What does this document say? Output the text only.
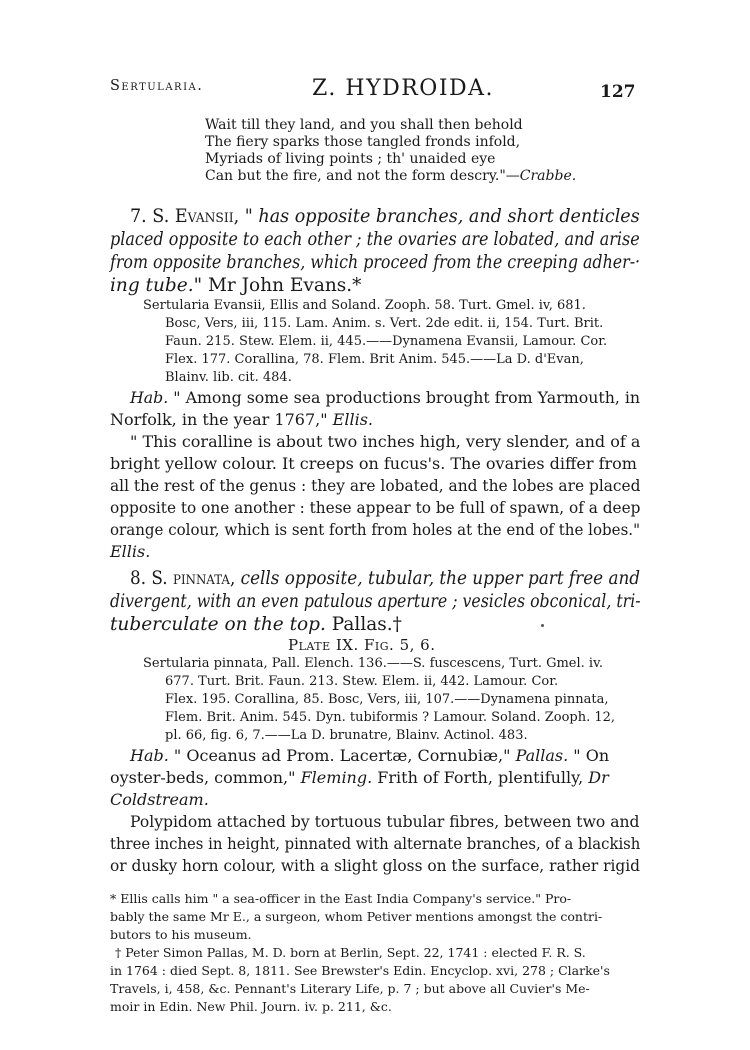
Sertularia.	Z. HYDROIDA.	127

Wait till they land, and you shall then behold

The fiery sparks those tangled fronds infold,

Myriads of living points ; th' unaided eye

Can but the fire, and not the form descry."—Crabbe.

7. S. Evansii, " has opposite branches, and short denticles

placed opposite to each other ; the ovaries are lobated, and arise

from opposite branches, which proceed from the creeping adher-·

ing tube." Mr John Evans.*

Sertularia Evansii, Ellis and Soland. Zooph. 58. Turt. Gmel. iv, 681.

Bosc, Vers, iii, 115. Lam. Anim. s. Vert. 2de edit. ii, 154. Turt. Brit.

Faun. 215. Stew. Elem. ii, 445.——Dynamena Evansii, Lamour. Cor.

Flex. 177. Corallina, 78. Flem. Brit Anim. 545.——La D. d'Evan,

Blainv. lib. cit. 484.

Hab. " Among some sea productions brought from Yarmouth, in

Norfolk, in the year 1767," Ellis.

" This coralline is about two inches high, very slender, and of a

bright yellow colour. It creeps on fucus's. The ovaries differ from

all the rest of the genus : they are lobated, and the lobes are placed

opposite to one another : these appear to be full of spawn, of a deep

orange colour, which is sent forth from holes at the end of the lobes."

Ellis.

8. S. pinnata, cells opposite, tubular, the upper part free and

divergent, with an even patulous aperture ; vesicles obconical, tri-

tuberculate on the top. Pallas.†

Plate IX. Fig. 5, 6.

Sertularia pinnata, Pall. Elench. 136.——S. fuscescens, Turt. Gmel. iv.

677. Turt. Brit. Faun. 213. Stew. Elem. ii, 442. Lamour. Cor.

Flex. 195. Corallina, 85. Bosc, Vers, iii, 107.——Dynamena pinnata,

Flem. Brit. Anim. 545. Dyn. tubiformis ? Lamour. Soland. Zooph. 12,

pl. 66, fig. 6, 7.——La D. brunatre, Blainv. Actinol. 483.

Hab. " Oceanus ad Prom. Lacertæ, Cornubiæ," Pallas. " On

oyster-beds, common," Fleming. Frith of Forth, plentifully, Dr

Coldstream.

Polypidom attached by tortuous tubular fibres, between two and

three inches in height, pinnated with alternate branches, of a blackish

or dusky horn colour, with a slight gloss on the surface, rather rigid

* Ellis calls him " a sea-officer in the East India Company's service." Pro-

bably the same Mr E., a surgeon, whom Petiver mentions amongst the contri-

butors to his museum.

† Peter Simon Pallas, M. D. born at Berlin, Sept. 22, 1741 : elected F. R. S.

in 1764 : died Sept. 8, 1811. See Brewster's Edin. Encyclop. xvi, 278 ; Clarke's

Travels, i, 458, &c. Pennant's Literary Life, p. 7 ; but above all Cuvier's Me-

moir in Edin. New Phil. Journ. iv. p. 211, &c.
